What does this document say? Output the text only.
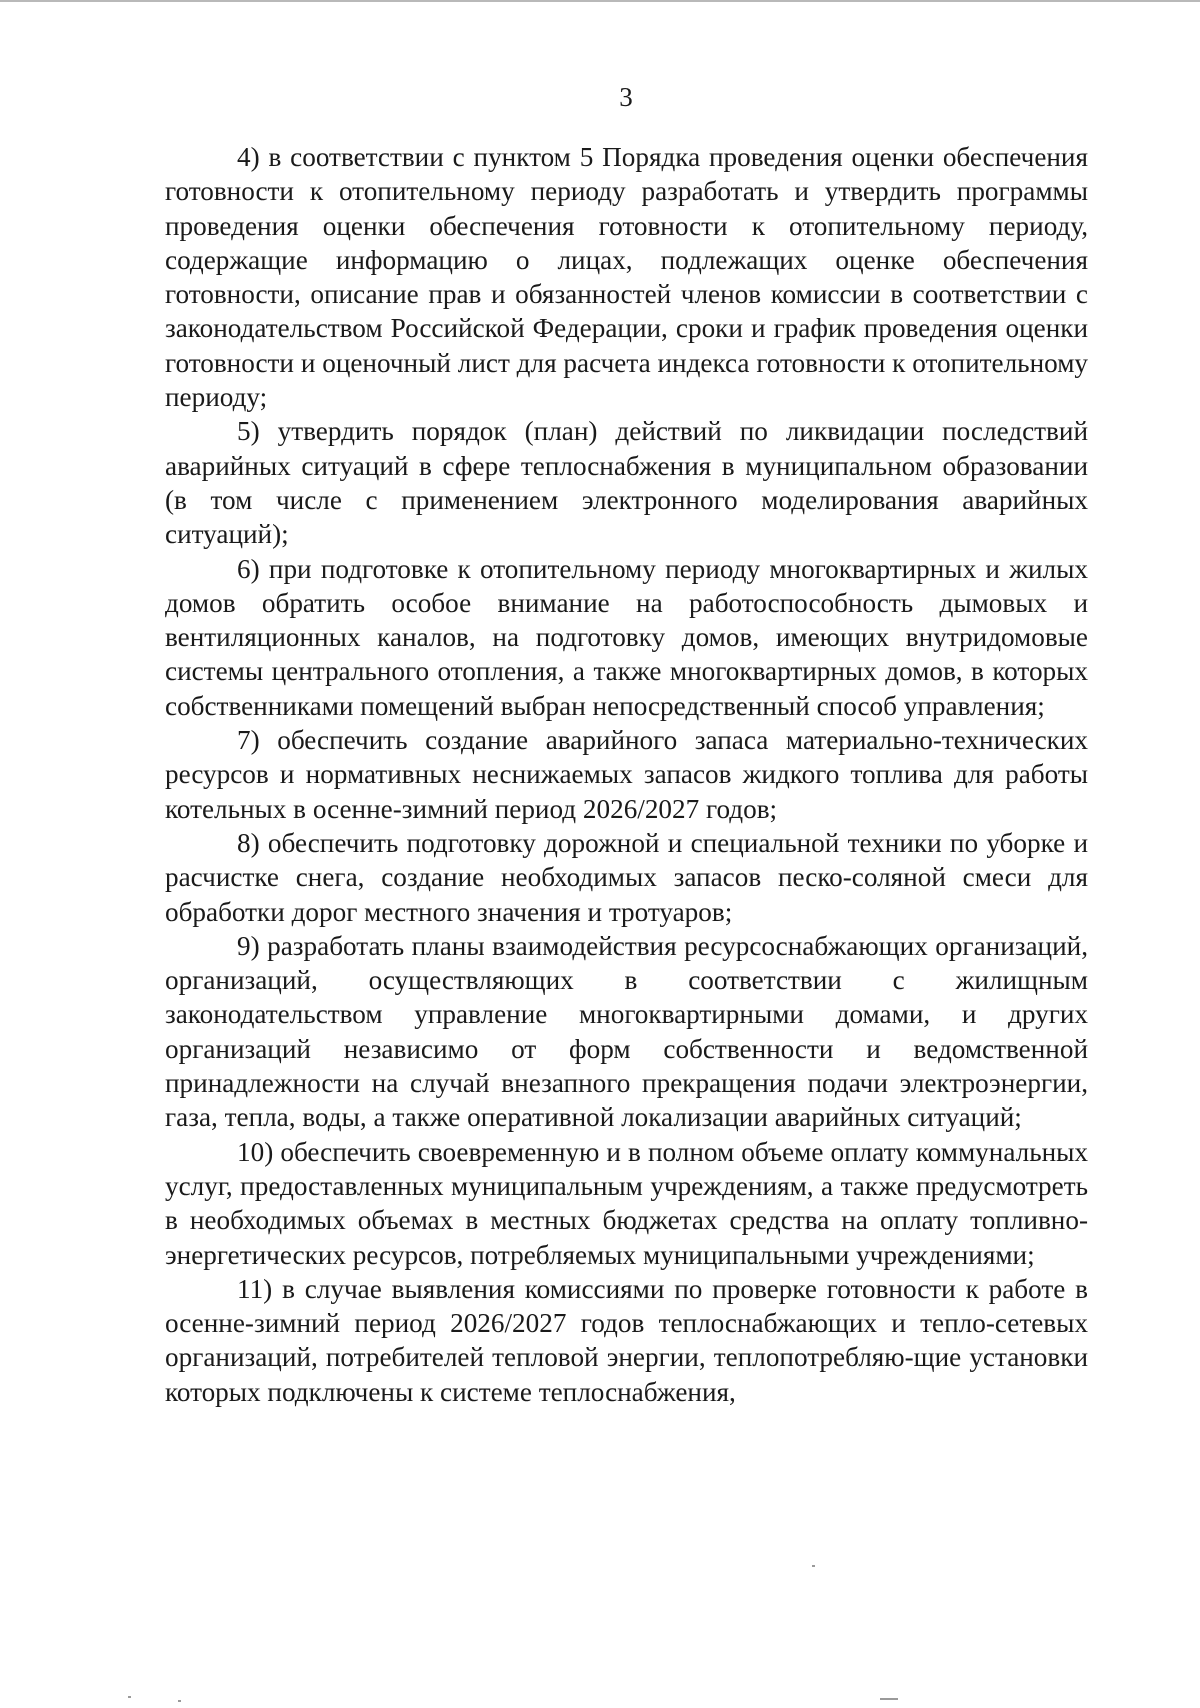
3

4) в соответствии с пунктом 5 Порядка проведения оценки обеспечения готовности к отопительному периоду разработать и утвердить программы проведения оценки обеспечения готовности к отопительному периоду, содержащие информацию о лицах, подлежащих оценке обеспечения готовности, описание прав и обязанностей членов комиссии в соответствии с законодательством Российской Федерации, сроки и график проведения оценки готовности и оценочный лист для расчета индекса готовности к отопительному периоду;

5) утвердить порядок (план) действий по ликвидации последствий аварийных ситуаций в сфере теплоснабжения в муниципальном образовании (в том числе с применением электронного моделирования аварийных ситуаций);

6) при подготовке к отопительному периоду многоквартирных и жилых домов обратить особое внимание на работоспособность дымовых и вентиляционных каналов, на подготовку домов, имеющих внутридомовые системы центрального отопления, а также многоквартирных домов, в которых собственниками помещений выбран непосредственный способ управления;

7) обеспечить создание аварийного запаса материально-технических ресурсов и нормативных неснижаемых запасов жидкого топлива для работы котельных в осенне-зимний период 2026/2027 годов;

8) обеспечить подготовку дорожной и специальной техники по уборке и расчистке снега, создание необходимых запасов песко-соляной смеси для обработки дорог местного значения и тротуаров;

9) разработать планы взаимодействия ресурсоснабжающих организаций, организаций, осуществляющих в соответствии с жилищным законодательством управление многоквартирными домами, и других организаций независимо от форм собственности и ведомственной принадлежности на случай внезапного прекращения подачи электроэнергии, газа, тепла, воды, а также оперативной локализации аварийных ситуаций;

10) обеспечить своевременную и в полном объеме оплату коммунальных услуг, предоставленных муниципальным учреждениям, а также предусмотреть в необходимых объемах в местных бюджетах средства на оплату топливно-энергетических ресурсов, потребляемых муниципальными учреждениями;

11) в случае выявления комиссиями по проверке готовности к работе в осенне-зимний период 2026/2027 годов теплоснабжающих и тепло-сетевых организаций, потребителей тепловой энергии, теплопотребляю-щие установки которых подключены к системе теплоснабжения,
